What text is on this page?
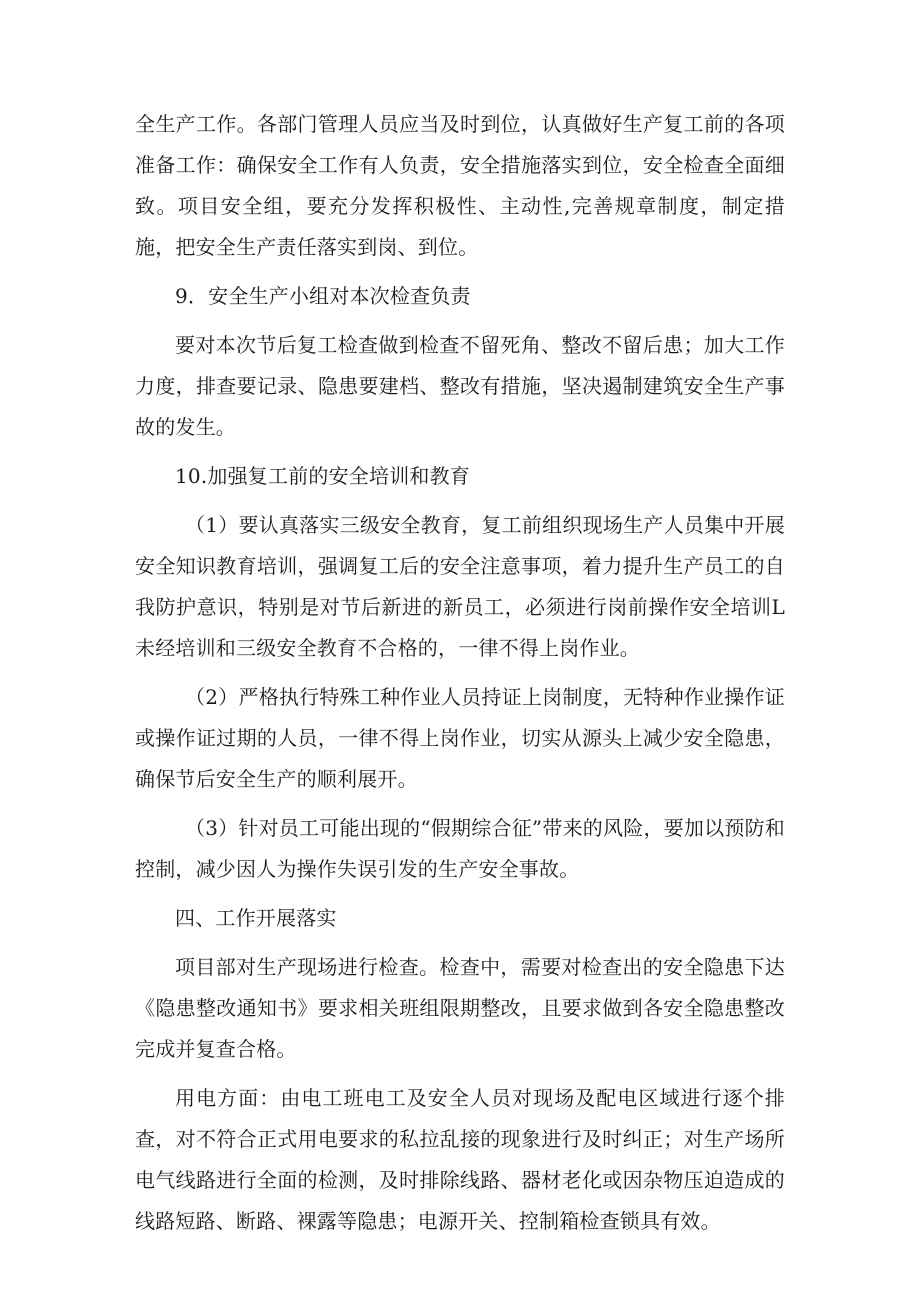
全生产工作。各部门管理人员应当及时到位，认真做好生产复工前的各项准备工作：确保安全工作有人负责，安全措施落实到位，安全检查全面细致。项目安全组，要充分发挥积极性、主动性,完善规章制度，制定措施，把安全生产责任落实到岗、到位。

9．安全生产小组对本次检查负责

要对本次节后复工检查做到检查不留死角、整改不留后患；加大工作力度，排查要记录、隐患要建档、整改有措施，坚决遏制建筑安全生产事故的发生。

10.加强复工前的安全培训和教育

（1）要认真落实三级安全教育，复工前组织现场生产人员集中开展安全知识教育培训，强调复工后的安全注意事项，着力提升生产员工的自我防护意识，特别是对节后新进的新员工，必须进行岗前操作安全培训L未经培训和三级安全教育不合格的，一律不得上岗作业。

（2）严格执行特殊工种作业人员持证上岗制度，无特种作业操作证或操作证过期的人员，一律不得上岗作业，切实从源头上减少安全隐患，确保节后安全生产的顺利展开。

（3）针对员工可能出现的“假期综合征”带来的风险，要加以预防和控制，减少因人为操作失误引发的生产安全事故。

四、工作开展落实

项目部对生产现场进行检查。检查中，需要对检查出的安全隐患下达《隐患整改通知书》要求相关班组限期整改，且要求做到各安全隐患整改完成并复查合格。

用电方面：由电工班电工及安全人员对现场及配电区域进行逐个排查，对不符合正式用电要求的私拉乱接的现象进行及时纠正；对生产场所电气线路进行全面的检测，及时排除线路、器材老化或因杂物压迫造成的线路短路、断路、裸露等隐患；电源开关、控制箱检查锁具有效。
